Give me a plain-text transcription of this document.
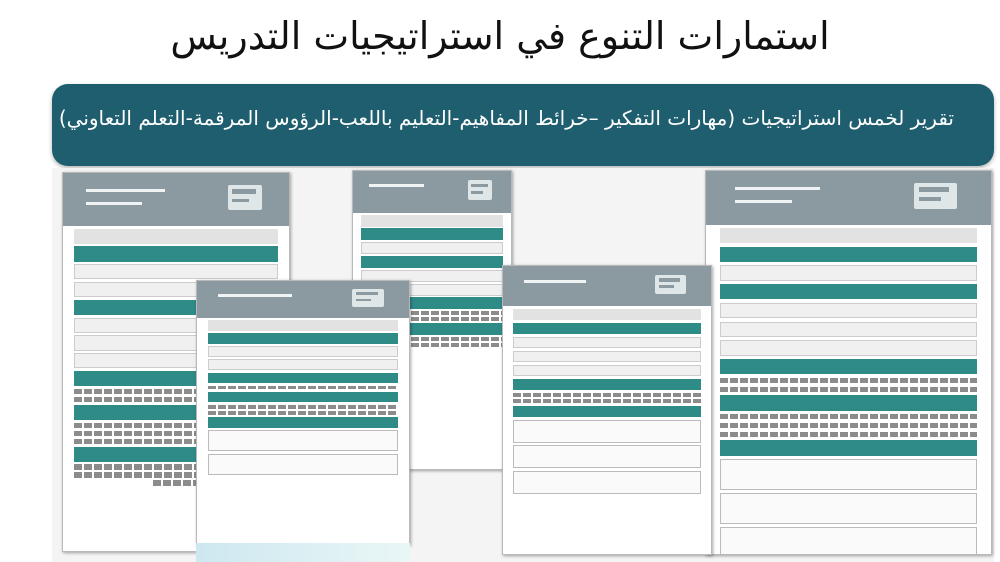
استمارات التنوع في استراتيجيات التدريس
تقرير لخمس استراتيجيات (مهارات التفكير –خرائط المفاهيم-التعليم باللعب-الرؤوس المرقمة-التعلم التعاوني)
